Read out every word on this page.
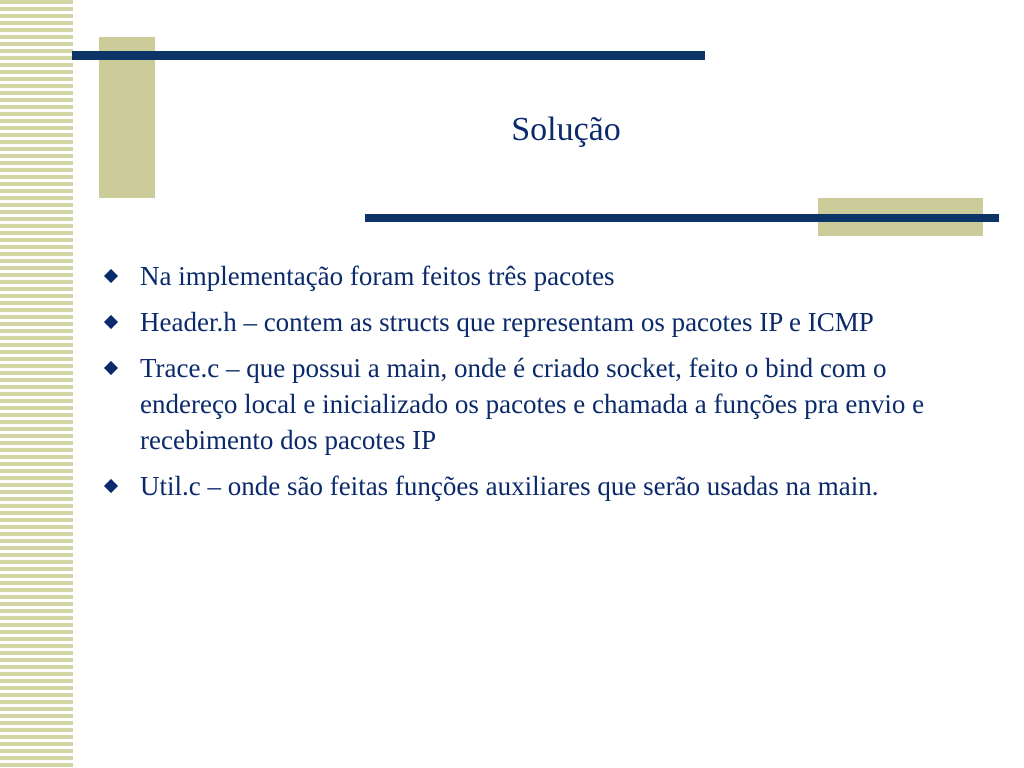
Solução
Na implementação foram feitos três pacotes
Header.h – contem as structs que representam os pacotes IP e ICMP
Trace.c – que possui a main, onde é criado socket, feito o bind com o endereço local e inicializado os pacotes e chamada a funções pra envio e recebimento dos pacotes IP
Util.c – onde são feitas funções auxiliares que serão usadas na main.
